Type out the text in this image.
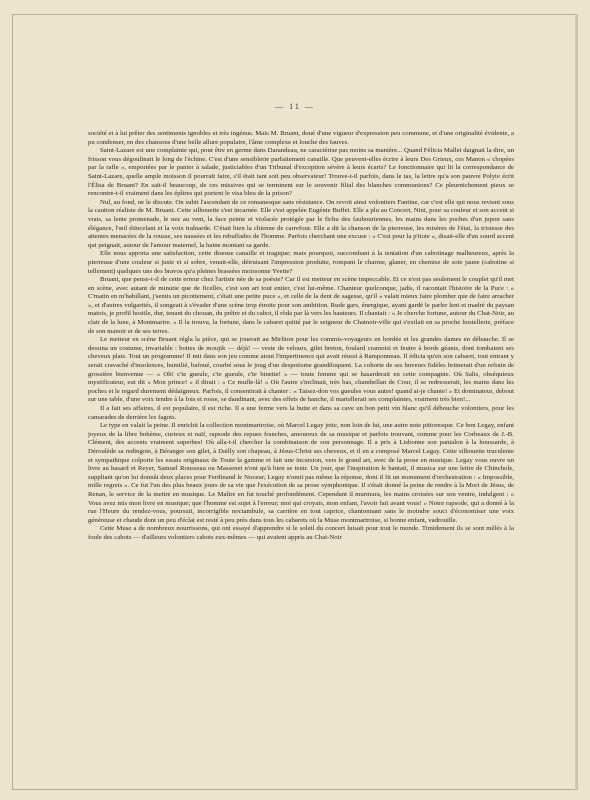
— 11 —

société et à lui prêter des sentiments ignobles et très ingénus. Mais M. Bruant, doué d'une vigueur d'expression peu commune, et d'une originalité évidente, a pu condenser, en des chansons d'une belle allure populaire, l'âme complexe et louche des fauves.

Saint-Lazare est une complainte qui, pour être en germe dans Darandeau, ne caractérise pas moins sa manière... Quand Félicia Mallet daignait la dire, un frisson vous dégoulinait le long de l'échine. C'est d'une sensiblerie parfaitement canaille. Que peuvent-elles écrire à leurs Des Grieux, ces Manon « chopées par la rafle », emportées par le panier à salade, justiciables d'un Tribunal d'exception sévère à leurs écarts? Le fonctionnaire qui lit la correspondance de Saint-Lazare, quelle ample moisson il pourrait faire, s'il était tant soit peu observateur! Trouve-t-il parfois, dans le tas, la lettre qu'a son pauvre Polyte écrit l'Élisa de Bruant? En sait-il beaucoup, de ces missives qui se terminent sur le souvenir filial des blanches communions? Ce pleurnichement pieux se rencontre-t-il vraiment dans les épîtres qui portent le visa bleu de la prison?

Nul, au fond, ne le discute. On subit l'ascendant de ce romanesque sans résistance. On revoit ainsi volontiers Fantine, car c'est elle qui nous revient sous la caution réaliste de M. Bruant. Cette silhouette s'est incarnée. Elle s'est appelée Eugénie Buffet. Elle a plu au Concert, Nini, pour sa couleur et son accent si vrais, sa lente promenade, le nez au vent, la face peinte et violacée protégée par le fichu des faubouriennes, les mains dans les poches d'un jupon sans élégance, l'œil étincelant et la voix traînarde. C'était bien la chienne de carrefour. Elle a dit la chanson de la pierreuse, les misères de l'état, la tristesse des attentes menacées de la rousse, ses nausées et les rebuffades de l'homme. Parfois cherchant une excuse : « C'est pour la p'tiote », disait-elle d'un sourd accent qui peignait, autour de l'amour maternel, la haine montant sa garde.

Elle nous apporta une satisfaction, cette diseuse canaille et tragique; mais pourquoi, succombant à la tentation d'un cabotinage malheureux, après la pierreuse d'une couleur si juste et si sobre, venait-elle, détruisant l'impression produite, rompant le charme, glaner, en chemise de soie jaune (cabotine si tellement) quelques uns des bravos qu'a pleines brassées moissonne Yvette?

Bruant, que pense-t-il de cette erreur chez l'artiste née de sa poésie? Car il est metteur en scène impeccable. Et ce n'est pas seulement le couplet qu'il met en scène, avec autant de minutie que de ficelles, c'est son art tout entier, c'est lui-même. Chanteur quelconque, jadis, il racontait l'histoire de la Puce : « C'matin en m'habillant, j'sentis un picottement, c'était une petite puce », et celle de la dent de sagesse, qu'il « valait mieux faire plomber que de faire arracher », et d'autres vulgarités, il songeait à s'évader d'une scène trop étroite pour son ambition. Rude gars, énergique, ayant gardé le parler lent et madré du paysan matois, je profil hostile, dur, tenant du chouan, du prêtre et du cabot, il rôda par là vers les hauteurs. Il chantait : « Je cherche fortune, autour du Chat-Noir, au clair de la lune, à Montmartre. » Il la trouva, la fortune, dans le cabaret quitté par le seigneur de Chatnoir-ville qui s'exilait en sa proche hostellerie, préface de son manoir et de ses terres.

Le metteur en scène Bruant régla la pièce, qui se jouerait au Mirliton pour les commis-voyageurs en bordée et les grandes dames en débauche. Il se dessina un costume, invariable : bottes de moujik — déjà! — veste de velours, gilet breton, foulard cramoisi et feutre à bords géants, dont tombaient ses cheveux plats. Tout un programme! Il mit dans son jeu comme atout l'impertinence qui avait réussi à Ramponneau. Il édicta qu'en son cabaret, tout entrant y serait cravaché d'insolences, humilié, bafoué, courbé sous le joug d'un despotisme grandiloquent. La cohorte de ses buveurs fidèles brimerait d'un refrain de grossière bienvenue — « Oh! c'te gueule, c'te gueule, c'te binette! » — toute femme qui se hasarderait en cette compagnie. Où Salis, obséquieux mystificateur, eut dit « Mon prince! » il dirait : « Ce mufle-là! » Où l'autre s'inclinait, très bas, chambellan de Cour, il se redresserait, les mains dans les poches et le regard durement dédaigneux. Parfois, il consentirait à chanter : « Taisez-don vos gueules vous autes! quand ai-je chante! » Et dominateur, debout sur une table, d'une voix tendre à la fois et rosse, se dandinant, avec des effets de hanche, il martellerait ses complaintes, vraiment très bien!...

Il a fait ses affaires, il est populaire, il est riche. Il a une ferme vers la butte et dans sa cave un bon petit vin blanc qu'il débouche volontiers, pour les camarades de derrière les fagots.

Le type en valait la peine. Il enrichit la collection montmartroise, où Marcel Legay jette, non loin de lui, une autre note pittoresque. Ce bon Legay, enfant joyeux de la libre bohème, curieux et naïf, rapsode des repues franches, amoureux de sa musique et parfois trouvant, comme pour les Corbeaux de J.-B. Clément, des accents vraiment superbes! Où alla-t-il chercher la combinaison de son personnage. Il a pris à Lisbonne son pantalon à la houssarde, à Déroulède sa redingote, à Béranger son gilet, à Dailly son chapeau, à Jésus-Christ ses cheveux, et il en a composé Marcel Legay. Cette silhouette truculente et sympathique colporte les essais originaux de Toute la gamme et fait une incursion, vers le grand art, avec de la prose en musique. Legay vous ouvre un livre au hasard et Reyer, Samuel Rousseau ou Massenet n'ont qu'à bien se tenir. Un jour, que l'inspiration le hantait, il musica sur une lettre de Chinchole, suppliant qu'on lui donnât deux places pour Ferdinand le Noceur; Legay n'omit pas même la réponse, dont il fit un monument d'orchestration : « Impossible, mille regrets ». Ce fut l'un des plus beaux jours de sa vie que l'exécution de sa prose symphonique. Il s'était donné la peine de rendre à la Mort de Jésus, de Renan, le service de la mettre en musique. Le Maître en fut touché profondément. Cependant il murmura, les mains croisées sur son ventre, indulgent : « Vous avez mis mon livre en musique; que l'homme est sujet à l'erreur; moi qui croyais, mon enfant, l'avoir fait avant vous! » Notre rapsode, qui a donné à la rue l'Heure du rendez-vous, poursuit, incorrigible noctambule, sa carrière en tout caprice, chantonnant sans le moindre souci d'économiser une voix généreuse et chaude dont un peu d'éclat est resté à peu près dans tous les cabarets où la Muse montmartroise, si bonne enfant, vadrouille.

Cette Muse a de nombreux nourrissons, qui ont essayé d'apprendre si le soleil du concert luisait pour tout le monde. Timidement ils se sont mêlés à la foule des cabots — d'ailleurs volontiers cabots eux-mêmes — qui avaient appris au Chat-Noir
